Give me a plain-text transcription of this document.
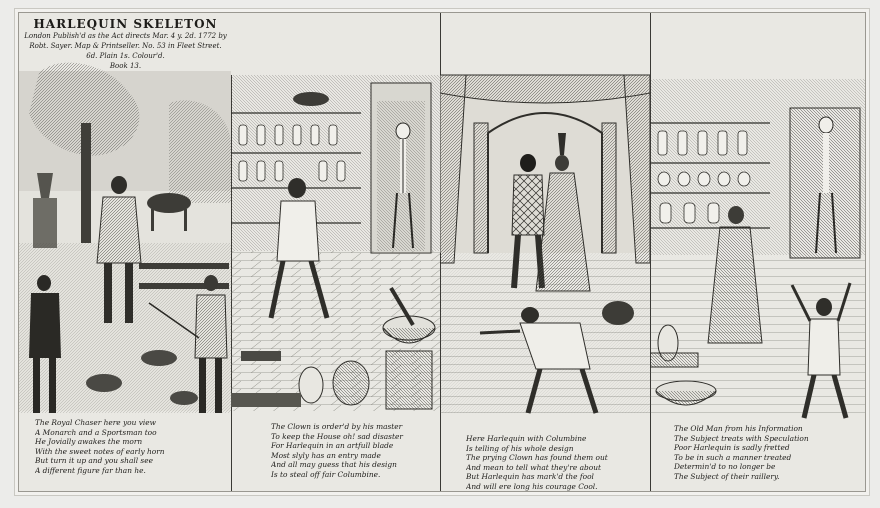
HARLEQUIN SKELETON
London Publish'd as the Act directs Mar. 4 y. 2d. 1772 by
Robt. Sayer. Map & Printseller. No. 53 in Fleet Street.
6d. Plain 1s. Colour'd.
Book 13.
The Royal Chaser here you view
A Monarch and a Sportsman too
He Jovially awakes the morn
With the sweet notes of early horn
But turn it up and you shall see
A different figure far than he.
The Clown is order'd by his master
To keep the House oh! sad disaster
For Harlequin in an artfull blade
Most slyly has an entry made
And all may guess that his design
Is to steal off fair Columbine.
Here Harlequin with Columbine
Is telling of his whole design
The prying Clown has found them out
And mean to tell what they're about
But Harlequin has mark'd the fool
And will ere long his courage Cool.
The Old Man from his Information
The Subject treats with Speculation
Poor Harlequin is sadly fretted
To be in such a manner treated
Determin'd to no longer be
The Subject of their raillery.
